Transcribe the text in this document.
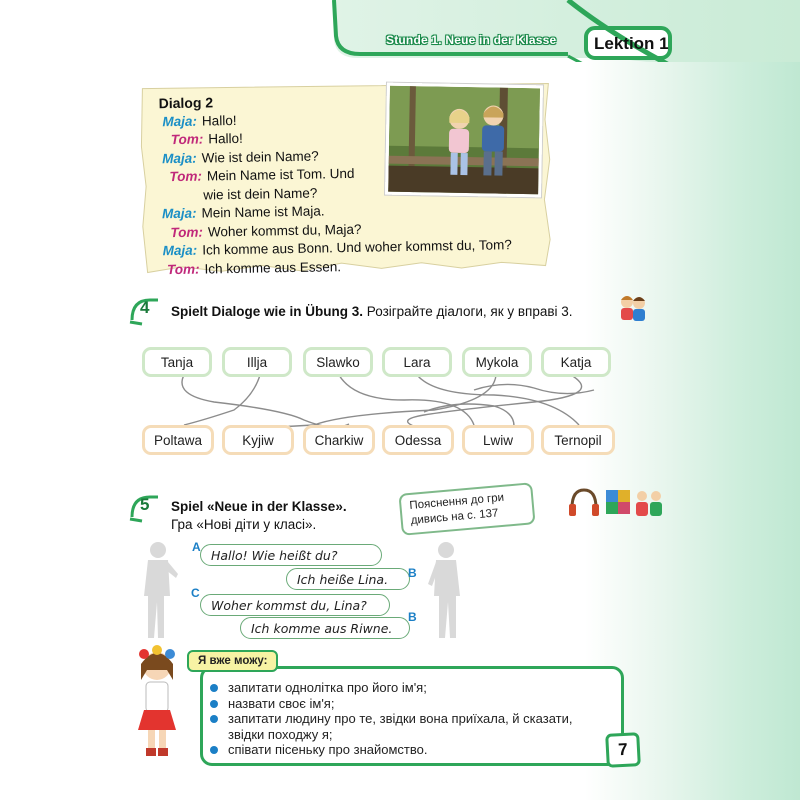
Stunde 1. Neue in der Klasse Lektion 1
Dialog 2
Maja: Hallo!
Tom: Hallo!
Maja: Wie ist dein Name?
Tom: Mein Name ist Tom. Und
wie ist dein Name?
Maja: Mein Name ist Maja.
Tom: Woher kommst du, Maja?
Maja: Ich komme aus Bonn. Und woher kommst du, Tom?
Tom: Ich komme aus Essen.
4	Spielt Dialoge wie in Übung 3. Розіграйте діалоги, як у вправі 3.
Tanja	Illja	Slawko	Lara	Mykola	Katja
Poltawa	Kyjiw	Charkiw	Odessa	Lwiw	Ternopil
5	Spiel «Neue in der Klasse».
Гра «Нові діти у класі».
Пояснення до гри
дивись на с. 137
Hallo! Wie heißt du?
A
Ich heiße Lina.	B
Woher kommst du, Lina?
C
Ich komme aus Riwne.
B
Я вже можу:
запитати однолітка про його ім'я;
назвати своє ім'я;
запитати людину про те, звідки вона приїхала, й сказати, звідки походжу я;
співати пісеньку про знайомство.	7
